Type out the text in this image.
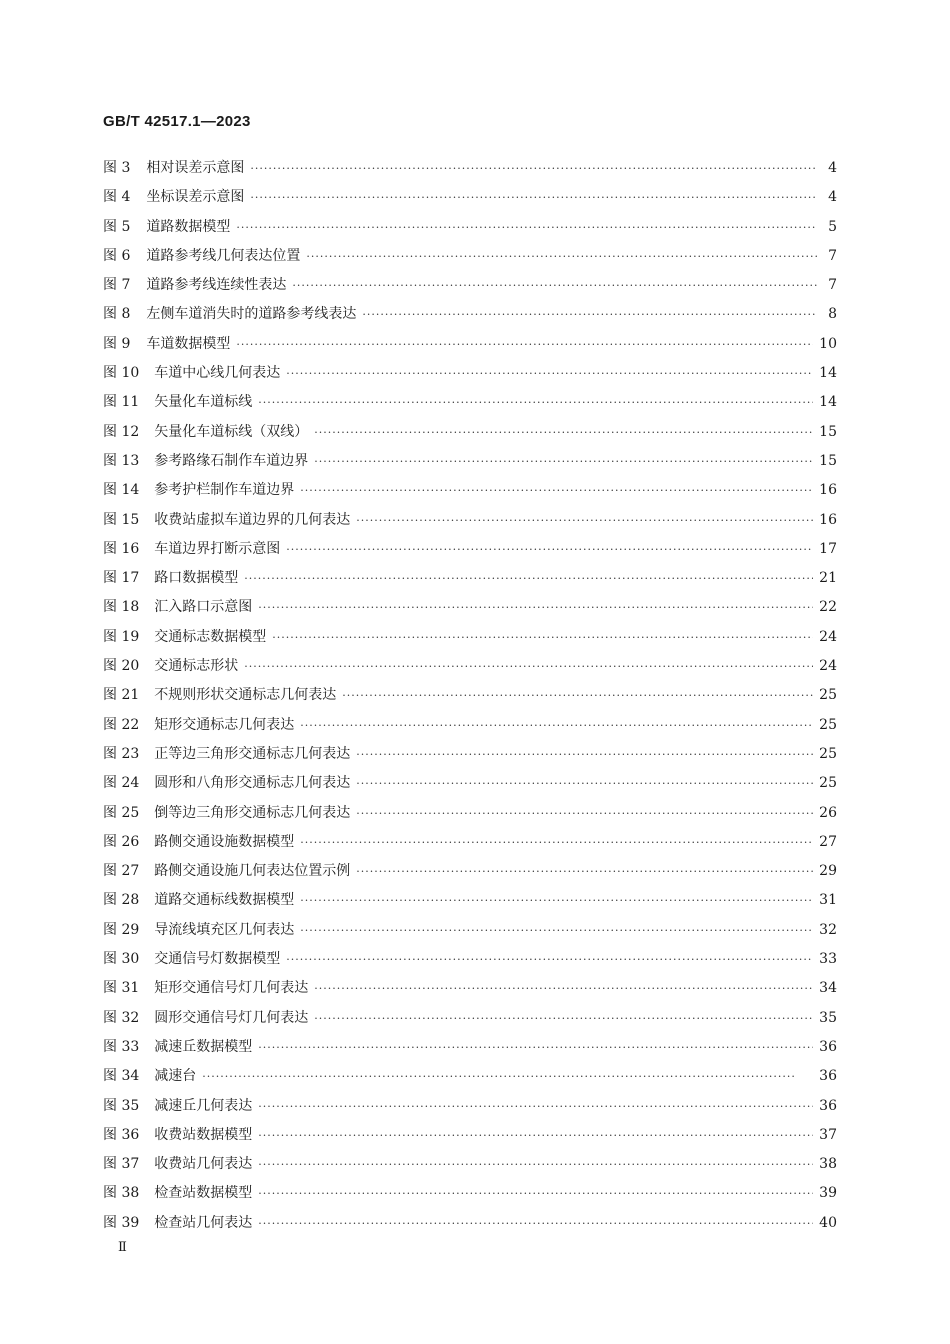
GB/T 42517.1—2023
图 3 相对误差示意图 ·····	4
图 4 坐标误差示意图 ·····	4
图 5 道路数据模型 ·····	5
图 6 道路参考线几何表达位置 ·····	7
图 7 道路参考线连续性表达 ·····	7
图 8 左侧车道消失时的道路参考线表达 ·····	8
图 9 车道数据模型 ·····	10
图 10 车道中心线几何表达 ·····	14
图 11 矢量化车道标线 ·····	14
图 12 矢量化车道标线（双线） ·····	15
图 13 参考路缘石制作车道边界 ·····	15
图 14 参考护栏制作车道边界 ·····	16
图 15 收费站虚拟车道边界的几何表达 ·····	16
图 16 车道边界打断示意图 ·····	17
图 17 路口数据模型 ·····	21
图 18 汇入路口示意图 ·····	22
图 19 交通标志数据模型 ·····	24
图 20 交通标志形状 ·····	24
图 21 不规则形状交通标志几何表达 ·····	25
图 22 矩形交通标志几何表达 ·····	25
图 23 正等边三角形交通标志几何表达 ·····	25
图 24 圆形和八角形交通标志几何表达 ·····	25
图 25 倒等边三角形交通标志几何表达 ·····	26
图 26 路侧交通设施数据模型 ·····	27
图 27 路侧交通设施几何表达位置示例 ·····	29
图 28 道路交通标线数据模型 ·····	31
图 29 导流线填充区几何表达 ·····	32
图 30 交通信号灯数据模型 ·····	33
图 31 矩形交通信号灯几何表达 ·····	34
图 32 圆形交通信号灯几何表达 ·····	35
图 33 减速丘数据模型 ·····	36
图 34 减速台 ·····	36
图 35 减速丘几何表达 ·····	36
图 36 收费站数据模型 ·····	37
图 37 收费站几何表达 ·····	38
图 38 检查站数据模型 ·····	39
图 39 检查站几何表达 ·····	40
Ⅱ
